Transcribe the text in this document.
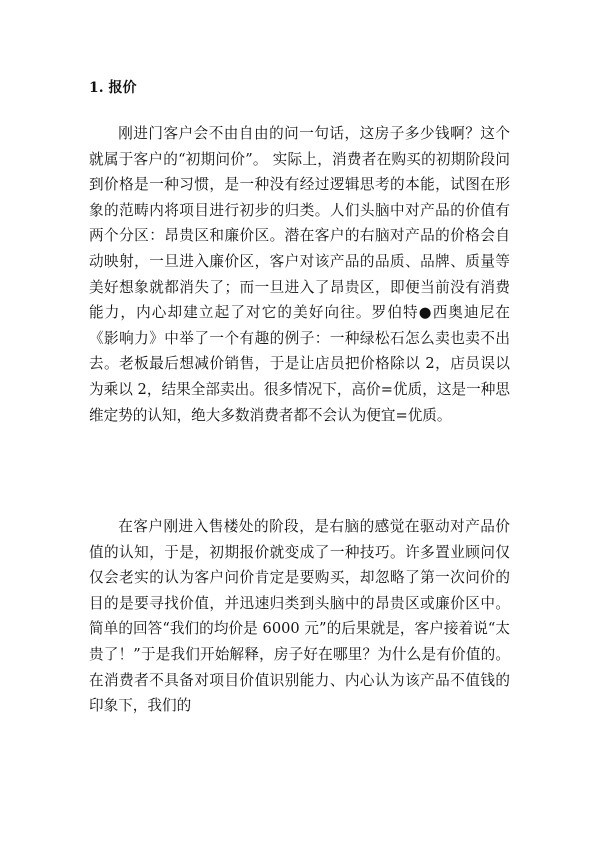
1. 报价

刚进门客户会不由自由的问一句话，这房子多少钱啊？这个就属于客户的“初期问价”。 实际上，消费者在购买的初期阶段问到价格是一种习惯，是一种没有经过逻辑思考的本能，试图在形象的范畴内将项目进行初步的归类。人们头脑中对产品的价值有两个分区：昂贵区和廉价区。潜在客户的右脑对产品的价格会自动映射，一旦进入廉价区，客户对该产品的品质、品牌、质量等美好想象就都消失了；而一旦进入了昂贵区，即便当前没有消费能力，内心却建立起了对它的美好向往。罗伯特●西奥迪尼在《影响力》中举了一个有趣的例子：一种绿松石怎么卖也卖不出去。老板最后想减价销售，于是让店员把价格除以 2，店员误以为乘以 2，结果全部卖出。很多情况下，高价=优质，这是一种思维定势的认知，绝大多数消费者都不会认为便宜=优质。

在客户刚进入售楼处的阶段，是右脑的感觉在驱动对产品价值的认知，于是，初期报价就变成了一种技巧。许多置业顾问仅仅会老实的认为客户问价肯定是要购买，却忽略了第一次问价的目的是要寻找价值，并迅速归类到头脑中的昂贵区或廉价区中。简单的回答“我们的均价是 6000 元”的后果就是，客户接着说“太贵了！”于是我们开始解释，房子好在哪里？为什么是有价值的。在消费者不具备对项目价值识别能力、内心认为该产品不值钱的印象下，我们的
